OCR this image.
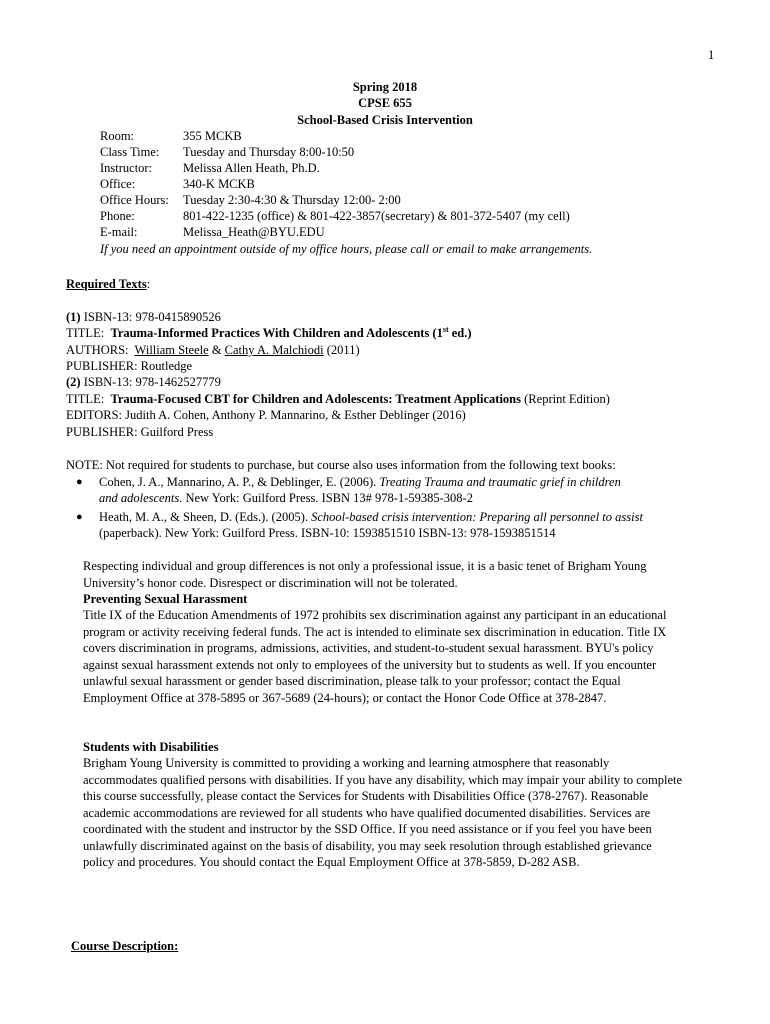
1
Spring 2018
CPSE 655
School-Based Crisis Intervention
Room:	355 MCKB
Class Time: Tuesday and Thursday 8:00-10:50
Instructor: Melissa Allen Heath, Ph.D.
Office:	340-K MCKB
Office Hours: Tuesday 2:30-4:30 & Thursday 12:00- 2:00
Phone:	801-422-1235 (office) & 801-422-3857(secretary) & 801-372-5407 (my cell)
E-mail:	Melissa_Heath@BYU.EDU
If you need an appointment outside of my office hours, please call or email to make arrangements.
Required Texts:
(1) ISBN-13: 978-0415890526
TITLE: Trauma-Informed Practices With Children and Adolescents (1st ed.)
AUTHORS: William Steele & Cathy A. Malchiodi (2011)
PUBLISHER: Routledge
(2) ISBN-13: 978-1462527779
TITLE: Trauma-Focused CBT for Children and Adolescents: Treatment Applications (Reprint Edition)
EDITORS: Judith A. Cohen, Anthony P. Mannarino, & Esther Deblinger (2016)
PUBLISHER: Guilford Press
NOTE: Not required for students to purchase, but course also uses information from the following text books:
● Cohen, J. A., Mannarino, A. P., & Deblinger, E. (2006). Treating Trauma and traumatic grief in children
and adolescents. New York: Guilford Press. ISBN 13# 978-1-59385-308-2
● Heath, M. A., & Sheen, D. (Eds.). (2005). School-based crisis intervention: Preparing all personnel to assist
(paperback). New York: Guilford Press. ISBN-10: 1593851510 ISBN-13: 978-1593851514

Respecting individual and group differences is not only a professional issue, it is a basic tenet of Brigham Young University’s honor code. Disrespect or discrimination will not be tolerated.

Preventing Sexual Harassment

Title IX of the Education Amendments of 1972 prohibits sex discrimination against any participant in an educational program or activity receiving federal funds. The act is intended to eliminate sex discrimination in education. Title IX covers discrimination in programs, admissions, activities, and student-to-student sexual harassment. BYU's policy against sexual harassment extends not only to employees of the university but to students as well. If you encounter unlawful sexual harassment or gender based discrimination, please talk to your professor; contact the Equal Employment Office at 378-5895 or 367-5689 (24-hours); or contact the Honor Code Office at 378-2847.

Students with Disabilities

Brigham Young University is committed to providing a working and learning atmosphere that reasonably accommodates qualified persons with disabilities. If you have any disability, which may impair your ability to complete this course successfully, please contact the Services for Students with Disabilities Office (378-2767). Reasonable academic accommodations are reviewed for all students who have qualified documented disabilities. Services are coordinated with the student and instructor by the SSD Office. If you need assistance or if you feel you have been unlawfully discriminated against on the basis of disability, you may seek resolution through established grievance policy and procedures. You should contact the Equal Employment Office at 378-5859, D-282 ASB.

Course Description:
